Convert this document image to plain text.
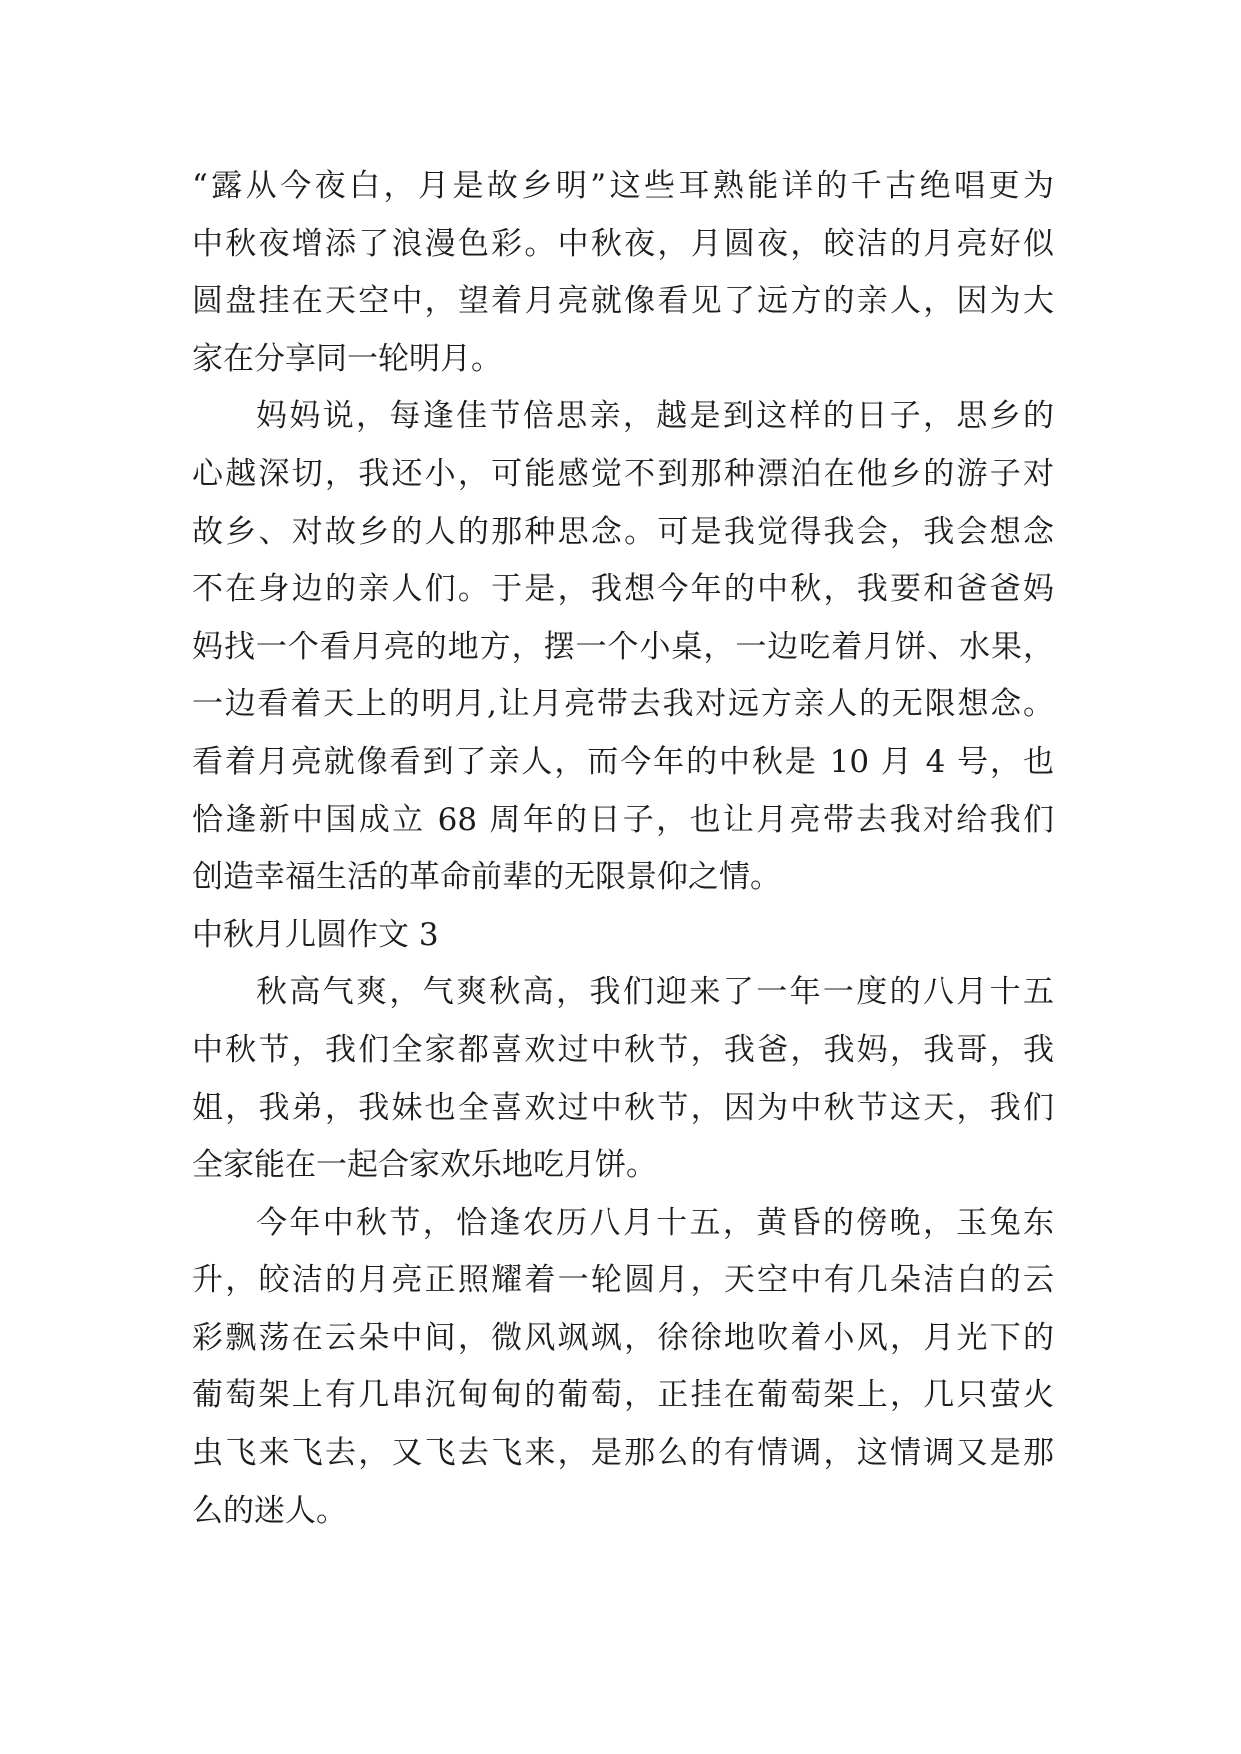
“露从今夜白，月是故乡明”这些耳熟能详的千古绝唱更为
中秋夜增添了浪漫色彩。中秋夜，月圆夜，皎洁的月亮好似
圆盘挂在天空中，望着月亮就像看见了远方的亲人，因为大
家在分享同一轮明月。
妈妈说，每逢佳节倍思亲，越是到这样的日子，思乡的
心越深切，我还小，可能感觉不到那种漂泊在他乡的游子对
故乡、对故乡的人的那种思念。可是我觉得我会，我会想念
不在身边的亲人们。于是，我想今年的中秋，我要和爸爸妈
妈找一个看月亮的地方，摆一个小桌，一边吃着月饼、水果，
一边看着天上的明月,让月亮带去我对远方亲人的无限想念。
看着月亮就像看到了亲人，而今年的中秋是 10 月 4 号，也
恰逢新中国成立 68 周年的日子，也让月亮带去我对给我们
创造幸福生活的革命前辈的无限景仰之情。
中秋月儿圆作文 3
秋高气爽，气爽秋高，我们迎来了一年一度的八月十五
中秋节，我们全家都喜欢过中秋节，我爸，我妈，我哥，我
姐，我弟，我妹也全喜欢过中秋节，因为中秋节这天，我们
全家能在一起合家欢乐地吃月饼。
今年中秋节，恰逢农历八月十五，黄昏的傍晚，玉兔东
升，皎洁的月亮正照耀着一轮圆月，天空中有几朵洁白的云
彩飘荡在云朵中间，微风飒飒，徐徐地吹着小风，月光下的
葡萄架上有几串沉甸甸的葡萄，正挂在葡萄架上，几只萤火
虫飞来飞去，又飞去飞来，是那么的有情调，这情调又是那
么的迷人。
